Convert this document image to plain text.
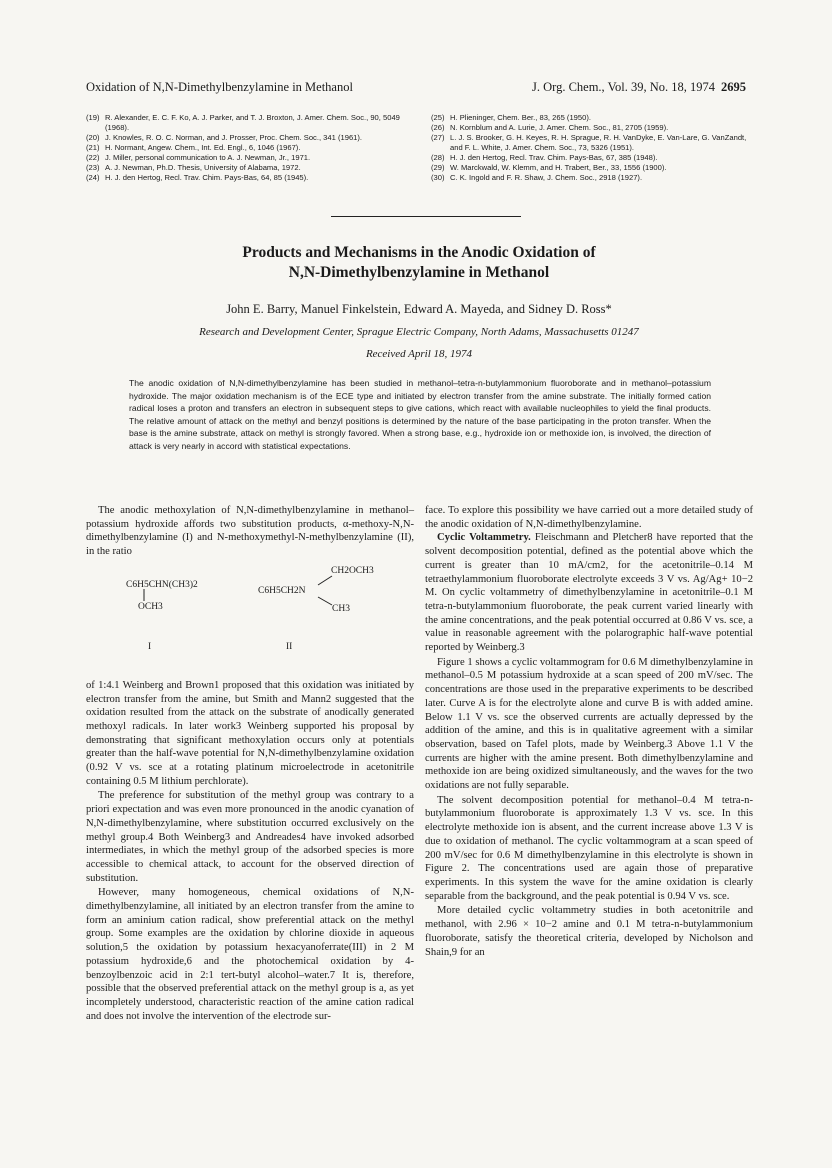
Oxidation of N,N-Dimethylbenzylamine in Methanol	J. Org. Chem., Vol. 39, No. 18, 1974 2695
(19) R. Alexander, E. C. F. Ko, A. J. Parker, and T. J. Broxton, J. Amer. Chem. Soc., 90, 5049 (1968).
(20) J. Knowles, R. O. C. Norman, and J. Prosser, Proc. Chem. Soc., 341 (1961).
(21) H. Normant, Angew. Chem., Int. Ed. Engl., 6, 1046 (1967).
(22) J. Miller, personal communication to A. J. Newman, Jr., 1971.
(23) A. J. Newman, Ph.D. Thesis, University of Alabama, 1972.
(24) H. J. den Hertog, Recl. Trav. Chim. Pays-Bas, 64, 85 (1945).
(25) H. Plieninger, Chem. Ber., 83, 265 (1950).
(26) N. Kornblum and A. Lurie, J. Amer. Chem. Soc., 81, 2705 (1959).
(27) L. J. S. Brooker, G. H. Keyes, R. H. Sprague, R. H. VanDyke, E. Van-Lare, G. VanZandt, and F. L. White, J. Amer. Chem. Soc., 73, 5326 (1951).
(28) H. J. den Hertog, Recl. Trav. Chim. Pays-Bas, 67, 385 (1948).
(29) W. Marckwald, W. Klemm, and H. Trabert, Ber., 33, 1556 (1900).
(30) C. K. Ingold and F. R. Shaw, J. Chem. Soc., 2918 (1927).
Products and Mechanisms in the Anodic Oxidation of
N,N-Dimethylbenzylamine in Methanol
John E. Barry, Manuel Finkelstein, Edward A. Mayeda, and Sidney D. Ross*
Research and Development Center, Sprague Electric Company, North Adams, Massachusetts 01247
Received April 18, 1974
The anodic oxidation of N,N-dimethylbenzylamine has been studied in methanol–tetra-n-butylammonium fluoroborate and in methanol–potassium hydroxide. The major oxidation mechanism is of the ECE type and initiated by electron transfer from the amine substrate. The initially formed cation radical loses a proton and transfers an electron in subsequent steps to give cations, which react with available nucleophiles to yield the final products. The relative amount of attack on the methyl and benzyl positions is determined by the nature of the base participating in the proton transfer. When the base is the amine substrate, attack on methyl is strongly favored. When a strong base, e.g., hydroxide ion or methoxide ion, is involved, the direction of attack is very nearly in accord with statistical expectations.

The anodic methoxylation of N,N-dimethylbenzylamine in methanol–potassium hydroxide affords two substitution products, α-methoxy-N,N-dimethylbenzylamine (I) and N-methoxymethyl-N-methylbenzylamine (II), in the ratio

C6H5CHN(CH3)2
OCH3
I
C6H5CH2N
CH2OCH3
CH3
II

of 1:4.1 Weinberg and Brown1 proposed that this oxidation was initiated by electron transfer from the amine, but Smith and Mann2 suggested that the oxidation resulted from the attack on the substrate of anodically generated methoxyl radicals. In later work3 Weinberg supported his proposal by demonstrating that significant methoxylation occurs only at potentials greater than the half-wave potential for N,N-dimethylbenzylamine oxidation (0.92 V vs. sce at a rotating platinum microelectrode in acetonitrile containing 0.5 M lithium perchlorate).

The preference for substitution of the methyl group was contrary to a priori expectation and was even more pronounced in the anodic cyanation of N,N-dimethylbenzylamine, where substitution occurred exclusively on the methyl group.4 Both Weinberg3 and Andreades4 have invoked adsorbed intermediates, in which the methyl group of the adsorbed species is more accessible to chemical attack, to account for the observed direction of substitution.

However, many homogeneous, chemical oxidations of N,N-dimethylbenzylamine, all initiated by an electron transfer from the amine to form an aminium cation radical, show preferential attack on the methyl group. Some examples are the oxidation by chlorine dioxide in aqueous solution,5 the oxidation by potassium hexacyanoferrate(III) in 2 M potassium hydroxide,6 and the photochemical oxidation by 4-benzoylbenzoic acid in 2:1 tert-butyl alcohol–water.7 It is, therefore, possible that the observed preferential attack on the methyl group is a, as yet incompletely understood, characteristic reaction of the amine cation radical and does not involve the intervention of the electrode sur-

face. To explore this possibility we have carried out a more detailed study of the anodic oxidation of N,N-dimethylbenzylamine.

Cyclic Voltammetry. Fleischmann and Pletcher8 have reported that the solvent decomposition potential, defined as the potential above which the current is greater than 10 mA/cm2, for the acetonitrile–0.14 M tetraethylammonium fluoroborate electrolyte exceeds 3 V vs. Ag/Ag+ 10−2 M. On cyclic voltammetry of dimethylbenzylamine in acetonitrile–0.1 M tetra-n-butylammonium fluoroborate, the peak current varied linearly with the amine concentrations, and the peak potential occurred at 0.86 V vs. sce, a value in reasonable agreement with the polarographic half-wave potential reported by Weinberg.3

Figure 1 shows a cyclic voltammogram for 0.6 M dimethylbenzylamine in methanol–0.5 M potassium hydroxide at a scan speed of 200 mV/sec. The concentrations are those used in the preparative experiments to be described later. Curve A is for the electrolyte alone and curve B is with added amine. Below 1.1 V vs. sce the observed currents are actually depressed by the addition of the amine, and this is in qualitative agreement with a similar observation, based on Tafel plots, made by Weinberg.3 Above 1.1 V the currents are higher with the amine present. Both dimethylbenzylamine and methoxide ion are being oxidized simultaneously, and the waves for the two oxidations are not fully separable.

The solvent decomposition potential for methanol–0.4 M tetra-n-butylammonium fluoroborate is approximately 1.3 V vs. sce. In this electrolyte methoxide ion is absent, and the current increase above 1.3 V is due to oxidation of methanol. The cyclic voltammogram at a scan speed of 200 mV/sec for 0.6 M dimethylbenzylamine in this electrolyte is shown in Figure 2. The concentrations used are again those of preparative experiments. In this system the wave for the amine oxidation is clearly separable from the background, and the peak potential is 0.94 V vs. sce.

More detailed cyclic voltammetry studies in both acetonitrile and methanol, with 2.96 × 10−2 amine and 0.1 M tetra-n-butylammonium fluoroborate, satisfy the theoretical criteria, developed by Nicholson and Shain,9 for an
